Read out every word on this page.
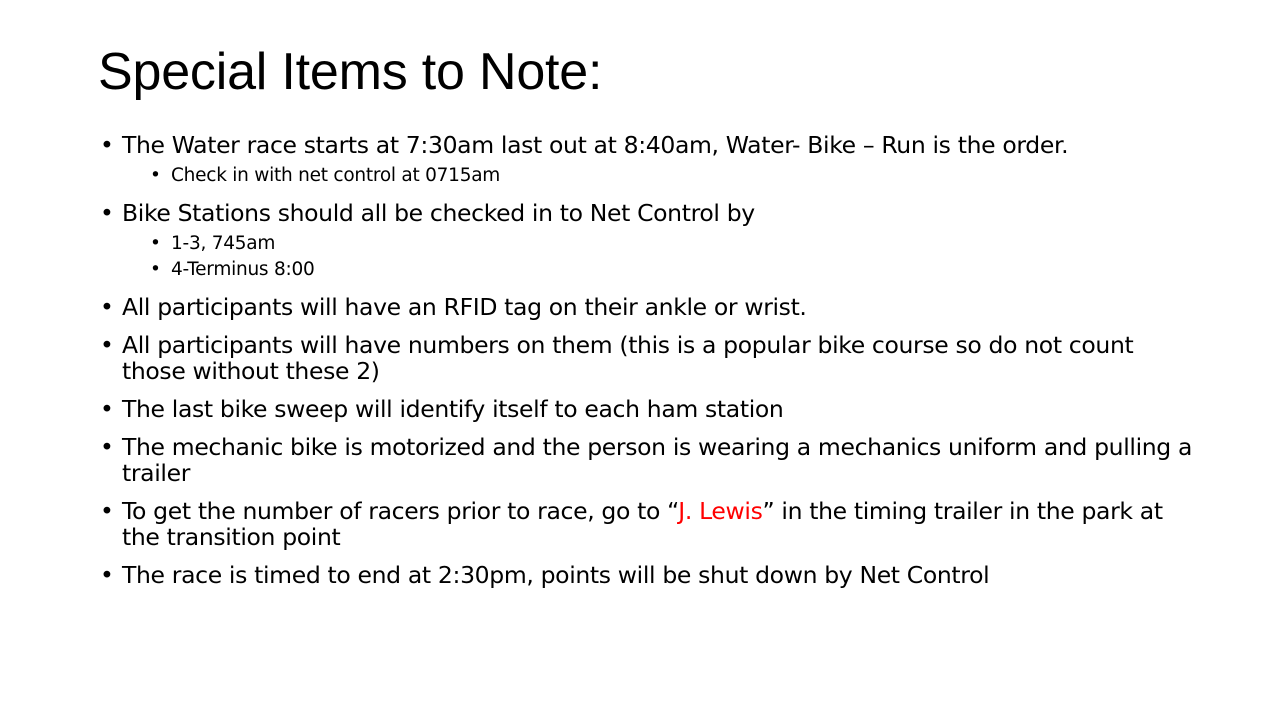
Special Items to Note:
• The Water race starts at 7:30am last out at 8:40am, Water- Bike – Run is the order.
• Check in with net control at 0715am
• Bike Stations should all be checked in to Net Control by
• 1-3, 745am
• 4-Terminus 8:00
• All participants will have an RFID tag on their ankle or wrist.
• All participants will have numbers on them (this is a popular bike course so do not count those without these 2)
• The last bike sweep will identify itself to each ham station
• The mechanic bike is motorized and the person is wearing a mechanics uniform and pulling a trailer
• To get the number of racers prior to race, go to “J. Lewis” in the timing trailer in the park at the transition point
• The race is timed to end at 2:30pm, points will be shut down by Net Control
